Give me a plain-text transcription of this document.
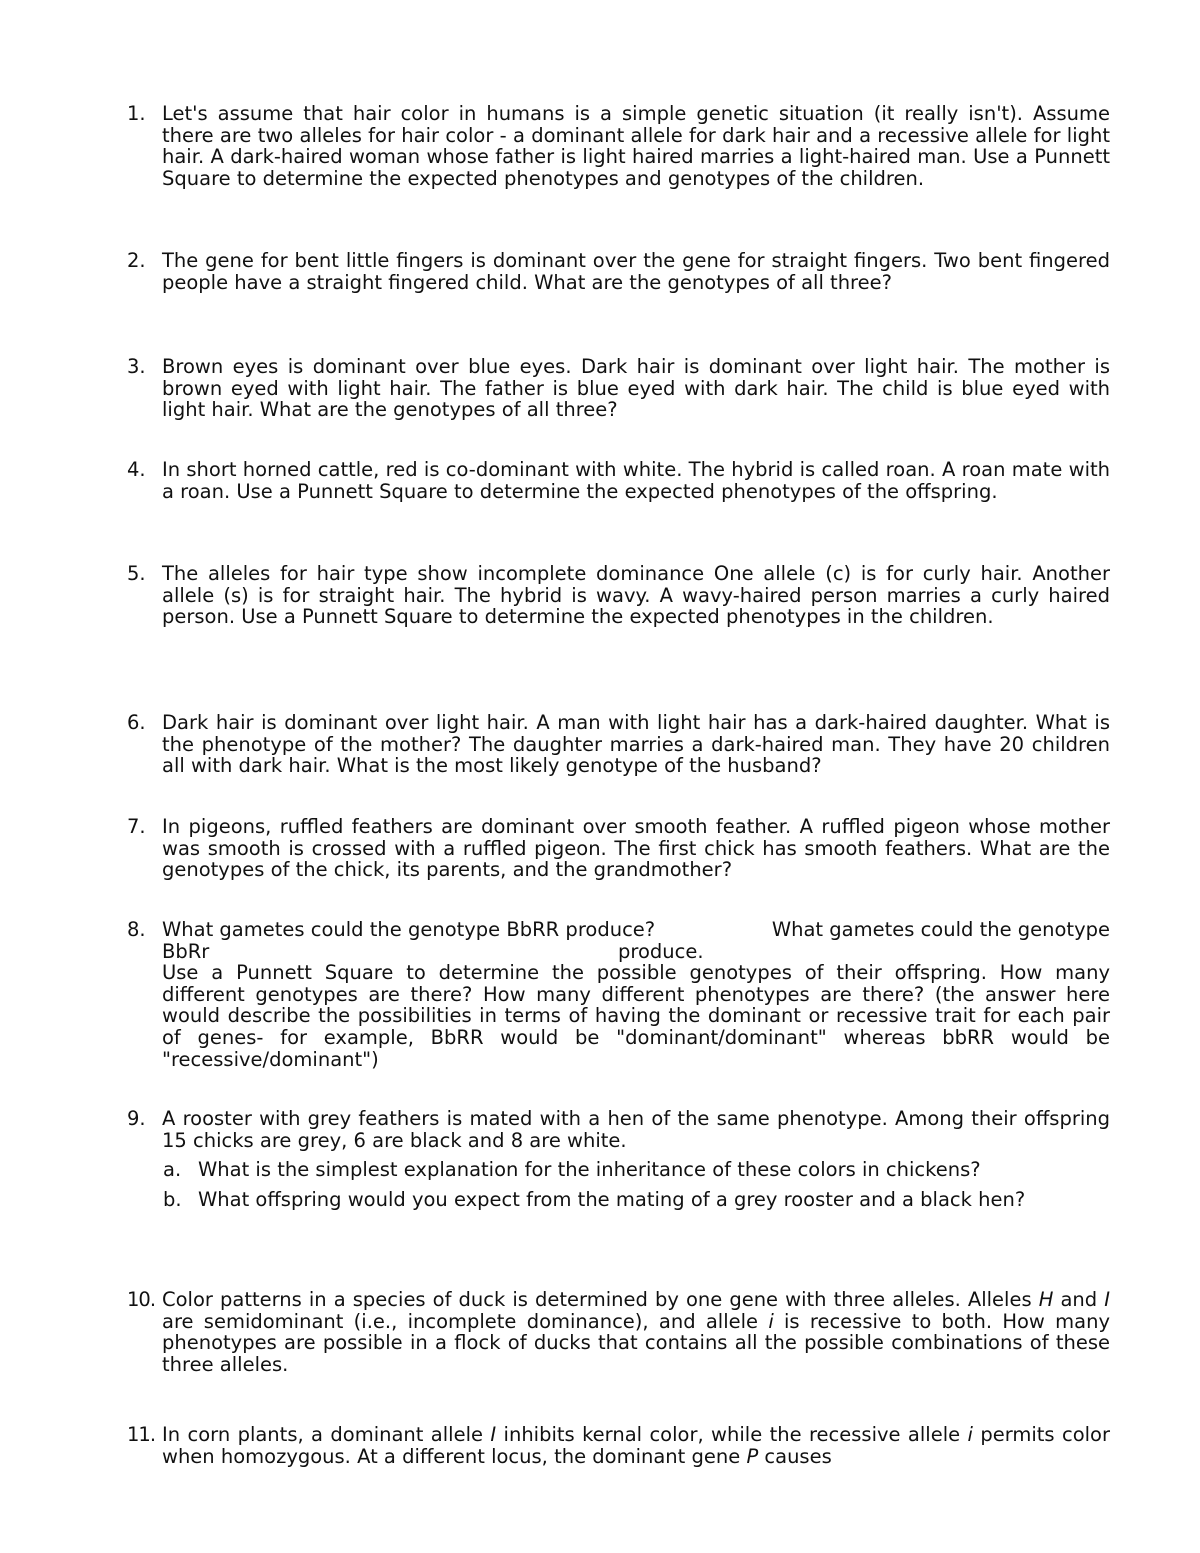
1. Let's assume that hair color in humans is a simple genetic situation (it really isn't). Assume there are two alleles for hair color - a dominant allele for dark hair and a recessive allele for light hair. A dark-haired woman whose father is light haired marries a light-haired man. Use a Punnett Square to determine the expected phenotypes and genotypes of the children.
2. The gene for bent little fingers is dominant over the gene for straight fingers. Two bent fingered people have a straight fingered child. What are the genotypes of all three?
3. Brown eyes is dominant over blue eyes. Dark hair is dominant over light hair. The mother is brown eyed with light hair. The father is blue eyed with dark hair. The child is blue eyed with light hair. What are the genotypes of all three?
4. In short horned cattle, red is co-dominant with white. The hybrid is called roan. A roan mate with a roan. Use a Punnett Square to determine the expected phenotypes of the offspring.
5. The alleles for hair type show incomplete dominance One allele (c) is for curly hair. Another allele (s) is for straight hair. The hybrid is wavy. A wavy-haired person marries a curly haired person. Use a Punnett Square to determine the expected phenotypes in the children.
6. Dark hair is dominant over light hair. A man with light hair has a dark-haired daughter. What is the phenotype of the mother? The daughter marries a dark-haired man. They have 20 children all with dark hair. What is the most likely genotype of the husband?
7. In pigeons, ruffled feathers are dominant over smooth feather. A ruffled pigeon whose mother was smooth is crossed with a ruffled pigeon. The first chick has smooth feathers. What are the genotypes of the chick, its parents, and the grandmother?
8. What gametes could the genotype BbRR produce?	What gametes could the genotype
BbRr	produce.
Use a Punnett Square to determine the possible genotypes of their offspring. How many different genotypes are there? How many different phenotypes are there? (the answer here would describe the possibilities in terms of having the dominant or recessive trait for each pair of genes- for example, BbRR would be "dominant/dominant" whereas bbRR would be "recessive/dominant")
9. A rooster with grey feathers is mated with a hen of the same phenotype. Among their offspring 15 chicks are grey, 6 are black and 8 are white.
a. What is the simplest explanation for the inheritance of these colors in chickens?
b. What offspring would you expect from the mating of a grey rooster and a black hen?
10. Color patterns in a species of duck is determined by one gene with three alleles. Alleles H and I are semidominant (i.e., incomplete dominance), and allele i is recessive to both. How many phenotypes are possible in a flock of ducks that contains all the possible combinations of these three alleles.
11. In corn plants, a dominant allele I inhibits kernal color, while the recessive allele i permits color when homozygous. At a different locus, the dominant gene P causes
